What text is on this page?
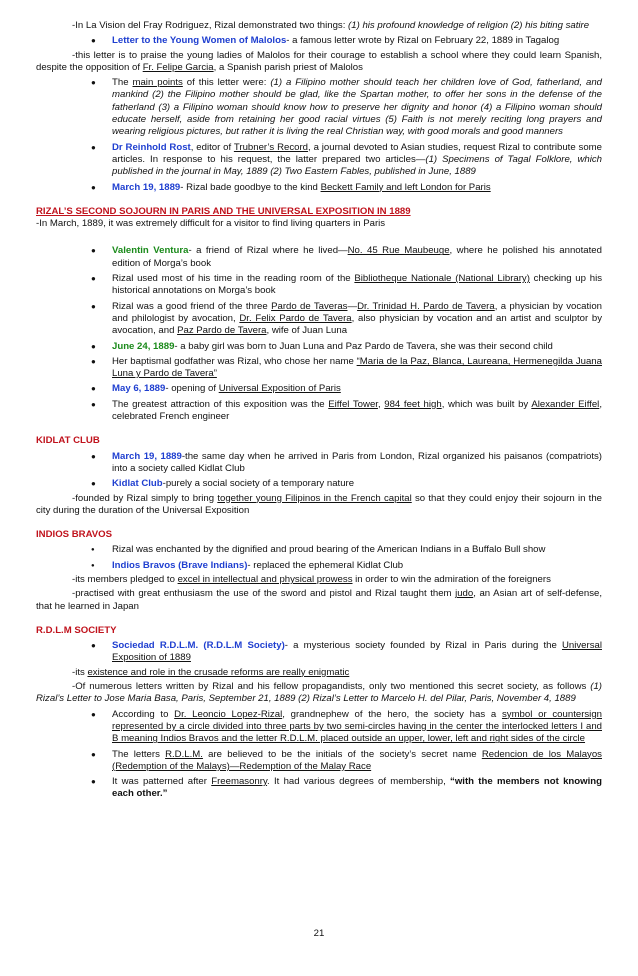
-In La Vision del Fray Rodriguez, Rizal demonstrated two things: (1) his profound knowledge of religion (2) his biting satire

● Letter to the Young Women of Malolos- a famous letter wrote by Rizal on February 22, 1889 in Tagalog

-this letter is to praise the young ladies of Malolos for their courage to establish a school where they could learn Spanish, despite the opposition of Fr. Felipe Garcia, a Spanish parish priest of Malolos

● The main points of this letter were: (1) a Filipino mother should teach her children love of God, fatherland, and mankind (2) the Filipino mother should be glad, like the Spartan mother, to offer her sons in the defense of the fatherland (3) a Filipino woman should know how to preserve her dignity and honor (4) a Filipino woman should educate herself, aside from retaining her good racial virtues (5) Faith is not merely reciting long prayers and wearing religious pictures, but rather it is living the real Christian way, with good morals and good manners
● Dr Reinhold Rost, editor of Trubner’s Record, a journal devoted to Asian studies, request Rizal to contribute some articles. In response to his request, the latter prepared two articles—(1) Specimens of Tagal Folklore, which published in the journal in May, 1889 (2) Two Eastern Fables, published in June, 1889
● March 19, 1889- Rizal bade goodbye to the kind Beckett Family and left London for Paris
RIZAL’S SECOND SOJOURN IN PARIS AND THE UNIVERSAL EXPOSITION IN 1889

-In March, 1889, it was extremely difficult for a visitor to find living quarters in Paris

● Valentin Ventura- a friend of Rizal where he lived—No. 45 Rue Maubeuge, where he polished his annotated edition of Morga’s book
● Rizal used most of his time in the reading room of the Bibliotheque Nationale (National Library) checking up his historical annotations on Morga’s book
● Rizal was a good friend of the three Pardo de Taveras—Dr. Trinidad H. Pardo de Tavera, a physician by vocation and philologist by avocation, Dr. Felix Pardo de Tavera, also physician by vocation and an artist and sculptor by avocation, and Paz Pardo de Tavera, wife of Juan Luna
● June 24, 1889- a baby girl was born to Juan Luna and Paz Pardo de Tavera, she was their second child
● Her baptismal godfather was Rizal, who chose her name “Maria de la Paz, Blanca, Laureana, Hermenegilda Juana Luna y Pardo de Tavera”
● May 6, 1889- opening of Universal Exposition of Paris
● The greatest attraction of this exposition was the Eiffel Tower, 984 feet high, which was built by Alexander Eiffel, celebrated French engineer
KIDLAT CLUB
● March 19, 1889-the same day when he arrived in Paris from London, Rizal organized his paisanos (compatriots) into a society called Kidlat Club
● Kidlat Club-purely a social society of a temporary nature

-founded by Rizal simply to bring together young Filipinos in the French capital so that they could enjoy their sojourn in the city during the duration of the Universal Exposition

INDIOS BRAVOS
● Rizal was enchanted by the dignified and proud bearing of the American Indians in a Buffalo Bull show
● Indios Bravos (Brave Indians)- replaced the ephemeral Kidlat Club

-its members pledged to excel in intellectual and physical prowess in order to win the admiration of the foreigners

-practised with great enthusiasm the use of the sword and pistol and Rizal taught them judo, an Asian art of self-defense, that he learned in Japan

R.D.L.M SOCIETY
● Sociedad R.D.L.M. (R.D.L.M Society)- a mysterious society founded by Rizal in Paris during the Universal Exposition of 1889

-its existence and role in the crusade reforms are really enigmatic

-Of numerous letters written by Rizal and his fellow propagandists, only two mentioned this secret society, as follows (1) Rizal’s Letter to Jose Maria Basa, Paris, September 21, 1889 (2) Rizal’s Letter to Marcelo H. del Pilar, Paris, November 4, 1889

● According to Dr. Leoncio Lopez-Rizal, grandnephew of the hero, the society has a symbol or countersign represented by a circle divided into three parts by two semi-circles having in the center the interlocked letters I and B meaning Indios Bravos and the letter R.D.L.M. placed outside an upper, lower, left and right sides of the circle
● The letters R.D.L.M. are believed to be the initials of the society’s secret name Redencion de los Malayos (Redemption of the Malays)—Redemption of the Malay Race
● It was patterned after Freemasonry. It had various degrees of membership, “with the members not knowing each other.”
21
